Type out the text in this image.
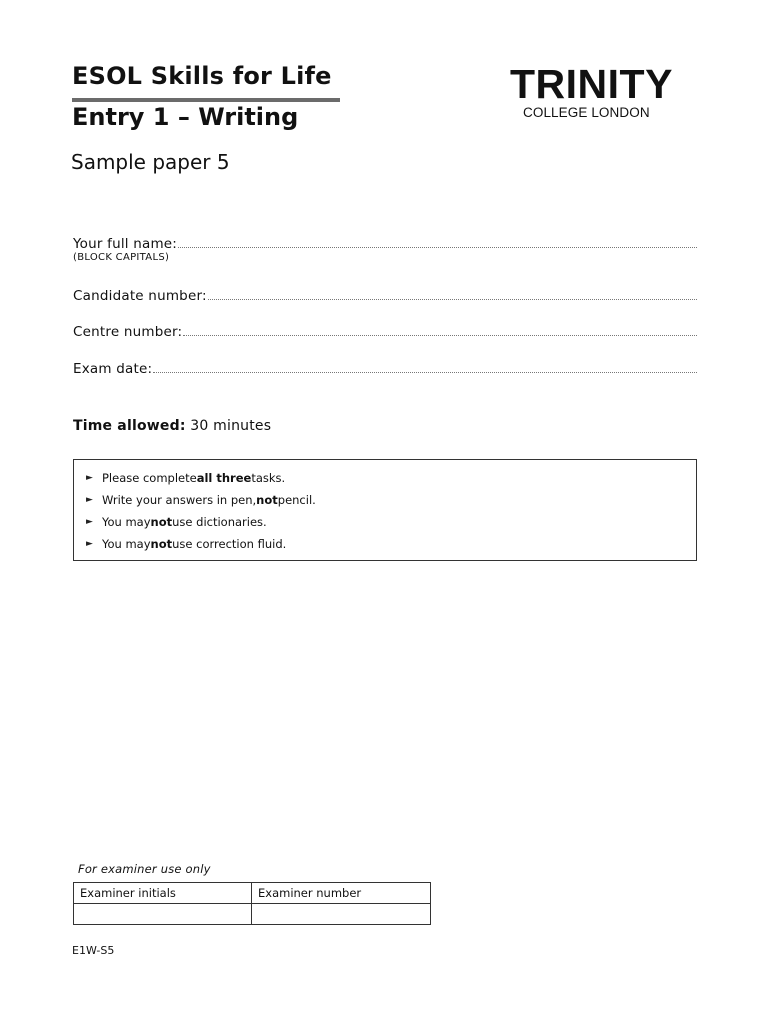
ESOL Skills for Life
Entry 1 – Writing
Sample paper 5
TRINITY
COLLEGE LONDON
Your full name:
(BLOCK CAPITALS)
Candidate number:
Centre number:
Exam date:
Time allowed: 30 minutes
► Please complete all three tasks.
► Write your answers in pen, not pencil.
► You may not use dictionaries.
► You may not use correction fluid.
For examiner use only
Examiner initials	Examiner number

E1W-S5
